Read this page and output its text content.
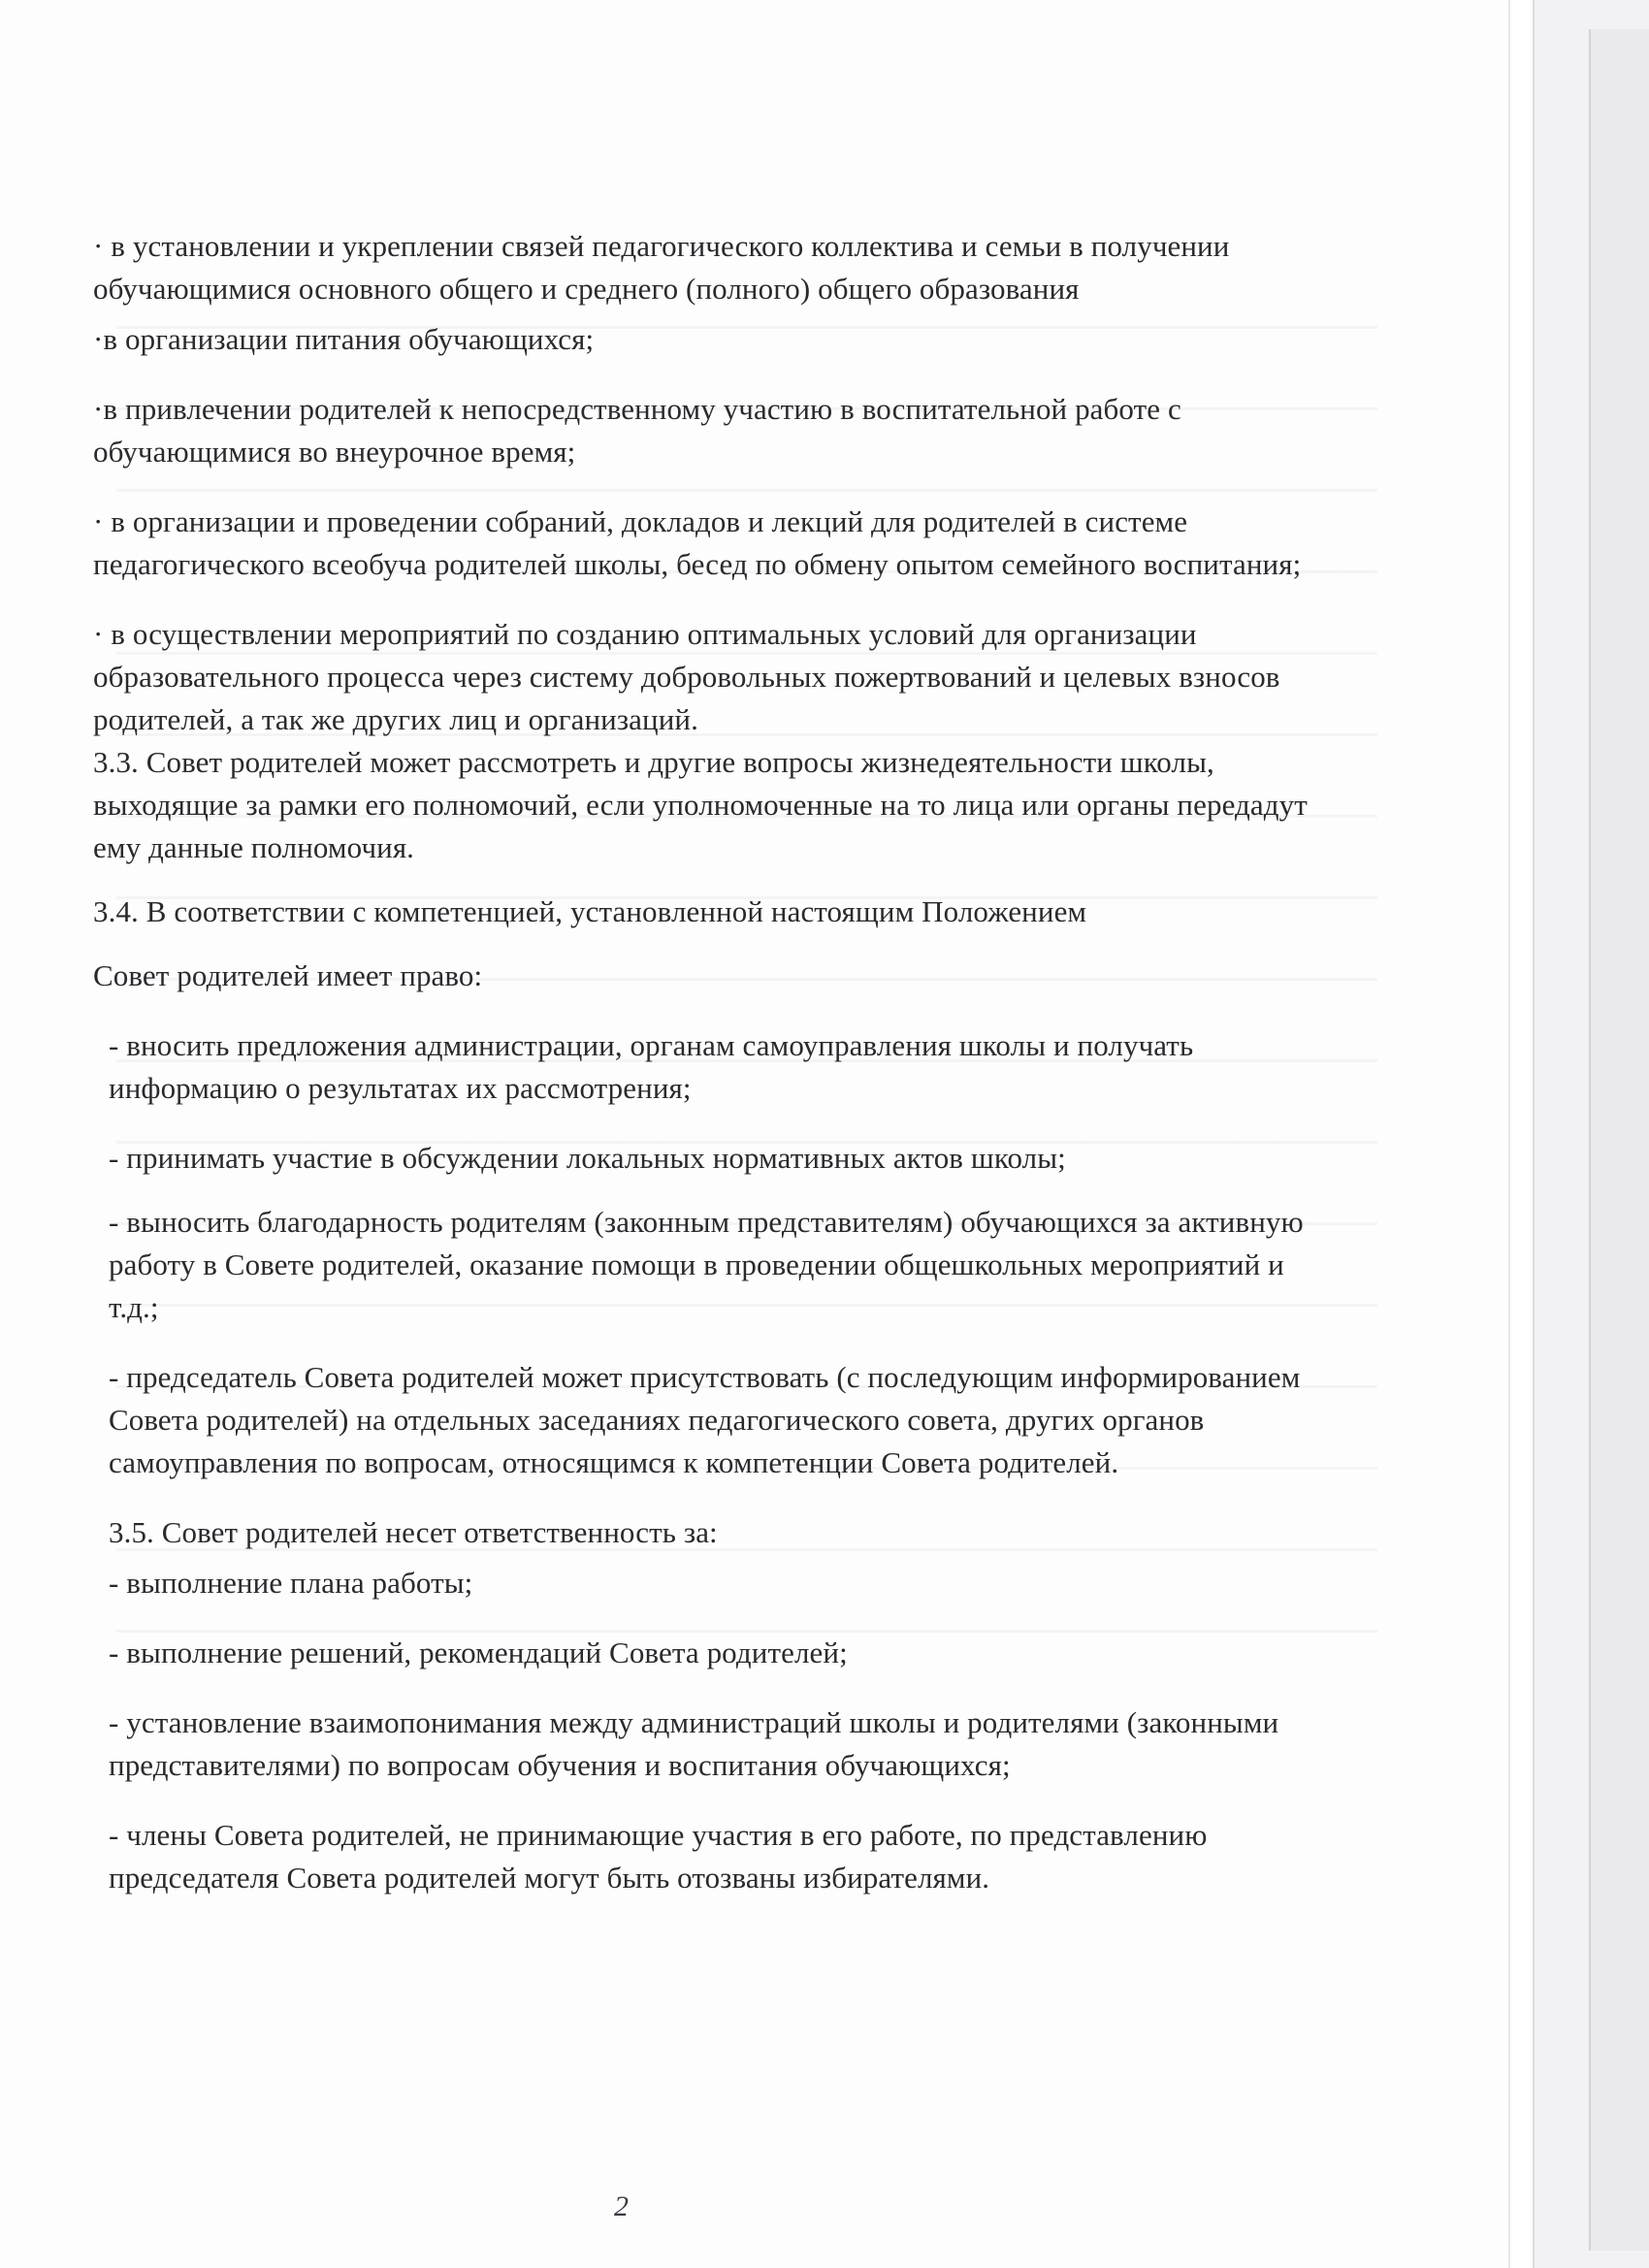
· в установлении и укреплении связей педагогического коллектива и семьи в получении

обучающимися основного общего и среднего (полного) общего образования

·в организации питания обучающихся;

·в привлечении родителей к непосредственному участию в воспитательной работе с

обучающимися во внеурочное время;

· в организации и проведении собраний, докладов и лекций для родителей в системе

педагогического всеобуча родителей школы, бесед по обмену опытом семейного воспитания;

· в осуществлении мероприятий по созданию оптимальных условий для организации

образовательного процесса через систему добровольных пожертвований и целевых взносов

родителей, а так же других лиц и организаций.

3.3. Совет родителей может рассмотреть и другие вопросы жизнедеятельности школы,

выходящие за рамки его полномочий, если уполномоченные на то лица или органы передадут

ему данные полномочия.

3.4. В соответствии с компетенцией, установленной настоящим Положением

Совет родителей имеет право:

- вносить предложения администрации, органам самоуправления школы и получать

информацию о результатах их рассмотрения;

- принимать участие в обсуждении локальных нормативных актов школы;

- выносить благодарность родителям (законным представителям) обучающихся за активную

работу в Совете родителей, оказание помощи в проведении общешкольных мероприятий и

т.д.;

- председатель Совета родителей может присутствовать (с последующим информированием

Совета родителей) на отдельных заседаниях педагогического совета, других органов

самоуправления по вопросам, относящимся к компетенции Совета родителей.

3.5. Совет родителей несет ответственность за:

- выполнение плана работы;

- выполнение решений, рекомендаций Совета родителей;

- установление взаимопонимания между администраций школы и родителями (законными

представителями) по вопросам обучения и воспитания обучающихся;

- члены Совета родителей, не принимающие участия в его работе, по представлению

председателя Совета родителей могут быть отозваны избирателями.

2
